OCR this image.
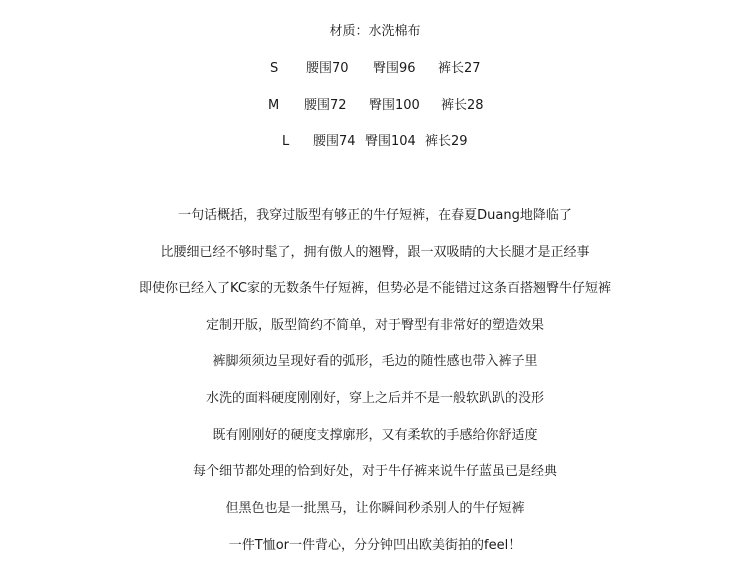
材质：水洗棉布
S 腰围70 臀围96 裤长27
M 腰围72 臀围100 裤长28
L 腰围74 臀围104 裤长29
一句话概括，我穿过版型有够正的牛仔短裤，在春夏Duang地降临了
比腰细已经不够时髦了，拥有傲人的翘臀，跟一双吸睛的大长腿才是正经事
即使你已经入了KC家的无数条牛仔短裤，但势必是不能错过这条百搭翘臀牛仔短裤
定制开版，版型简约不简单，对于臀型有非常好的塑造效果
裤脚须须边呈现好看的弧形，毛边的随性感也带入裤子里
水洗的面料硬度刚刚好，穿上之后并不是一般软趴趴的没形
既有刚刚好的硬度支撑廓形，又有柔软的手感给你舒适度
每个细节都处理的恰到好处，对于牛仔裤来说牛仔蓝虽已是经典
但黑色也是一批黑马，让你瞬间秒杀别人的牛仔短裤
一件T恤or一件背心，分分钟凹出欧美街拍的feel！
